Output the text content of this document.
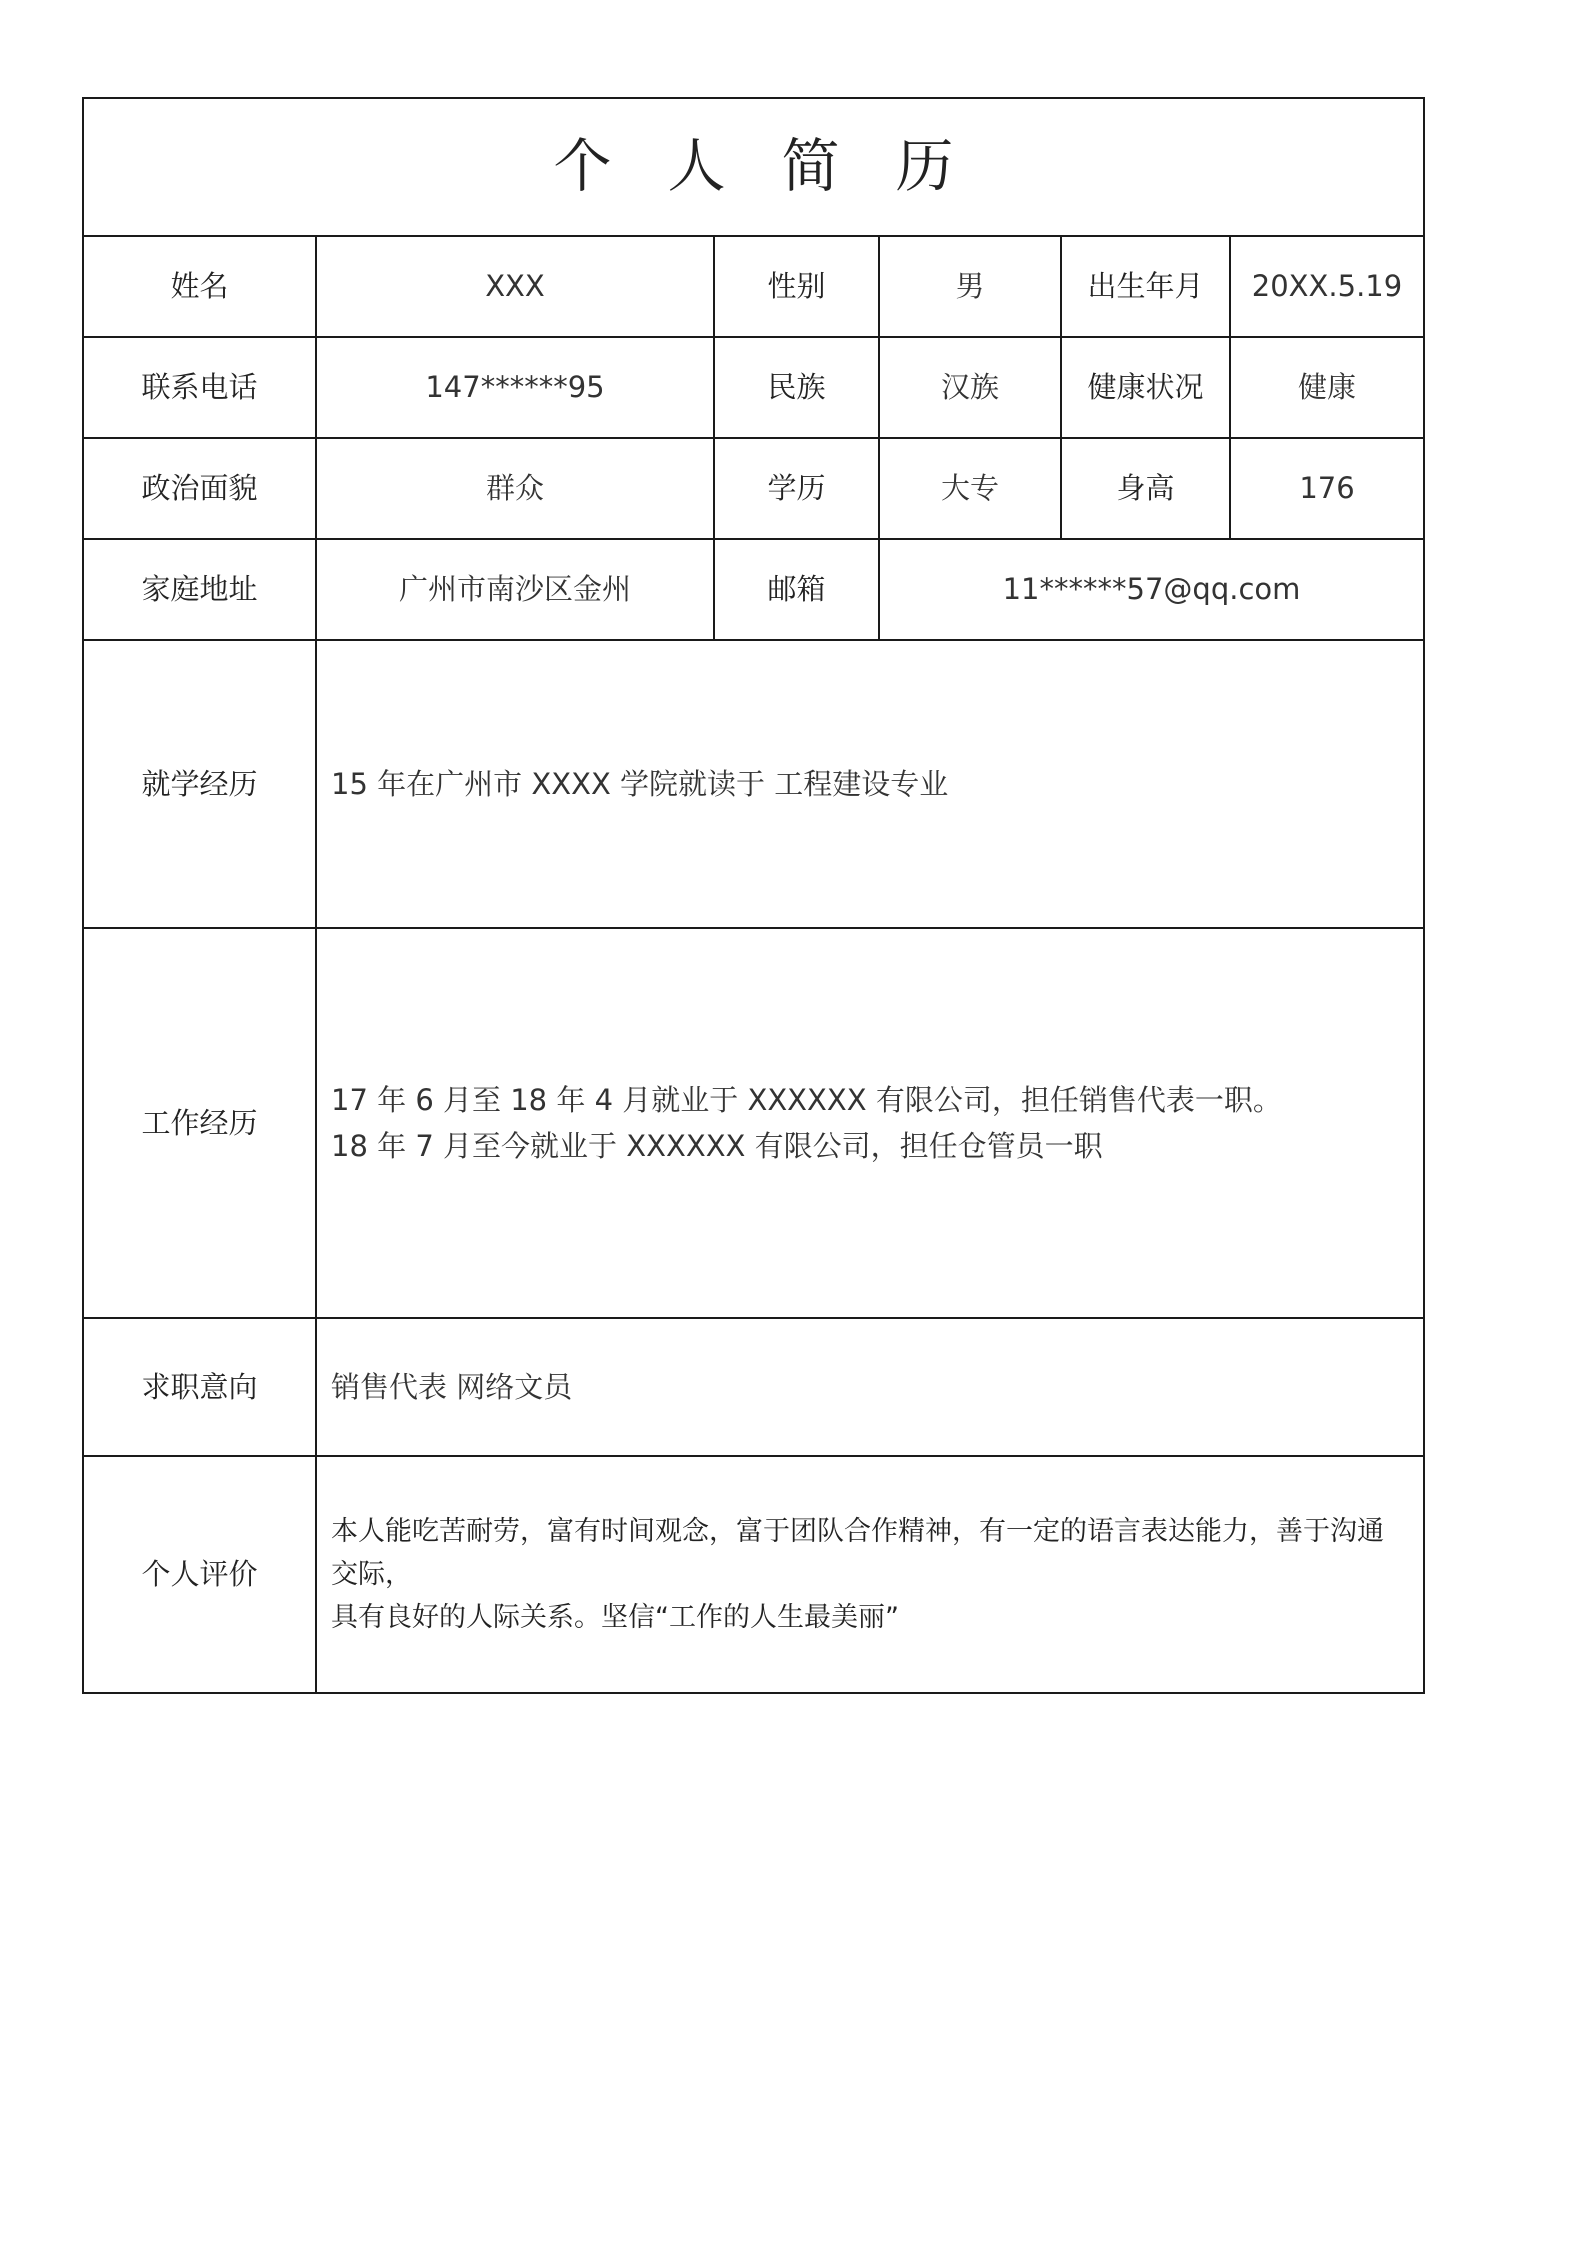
个 人 简 历					
姓名	XXX	性别	男	出生年月	20XX.5.19
联系电话	147******95	民族	汉族	健康状况	健康
政治面貌	群众	学历	大专	身高	176
家庭地址	广州市南沙区金州	邮箱	11******57@qq.com		
就学经历	15 年在广州市 XXXX 学院就读于 工程建设专业				

工作经历	17 年 6 月至 18 年 4 月就业于 XXXXXX 有限公司，担任销售代表一职。
18 年 7 月至今就业于 XXXXXX 有限公司，担任仓管员一职				

求职意向	销售代表 网络文员				
个人评价	本人能吃苦耐劳，富有时间观念，富于团队合作精神，有一定的语言表达能力，善于沟通交际，
具有良好的人际关系。坚信“工作的人生最美丽”				
